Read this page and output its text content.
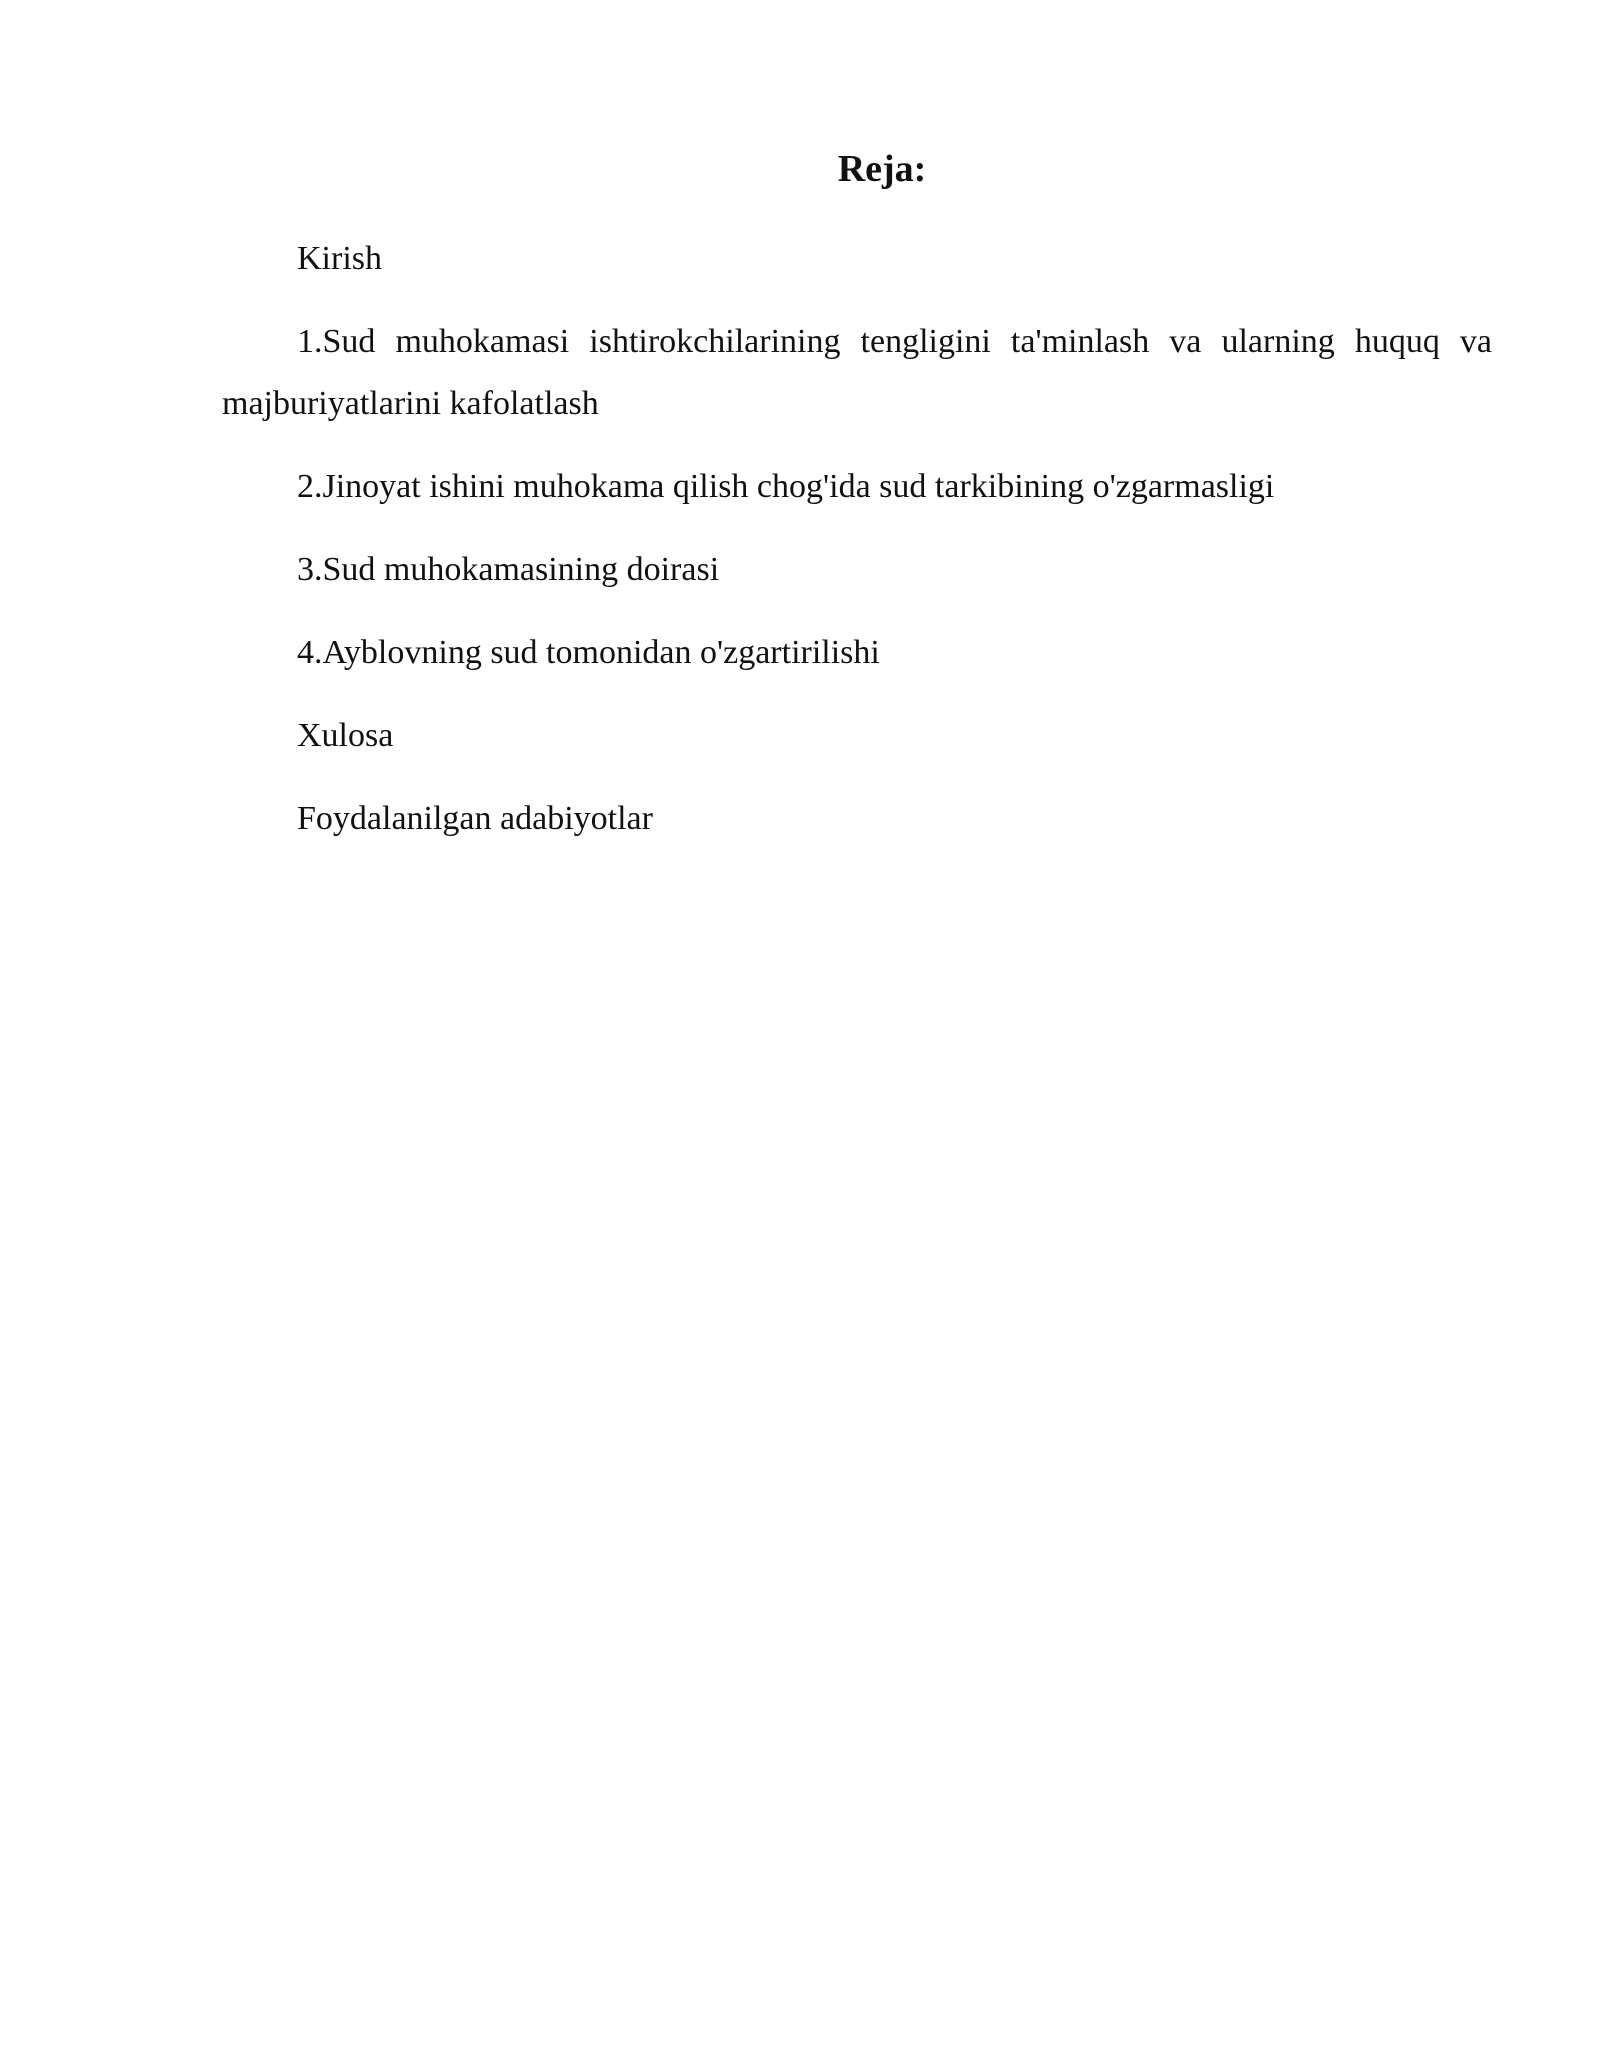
Reja:
Kirish
1.Sud muhokamasi ishtirokchilarining tengligini ta'minlash va ularning huquq va majburiyatlarini kafolatlash
2.Jinoyat ishini muhokama qilish chog'ida sud tarkibining o'zgarmasligi
3.Sud muhokamasining doirasi
4.Ayblovning sud tomonidan o'zgartirilishi
Xulosa
Foydalanilgan adabiyotlar
